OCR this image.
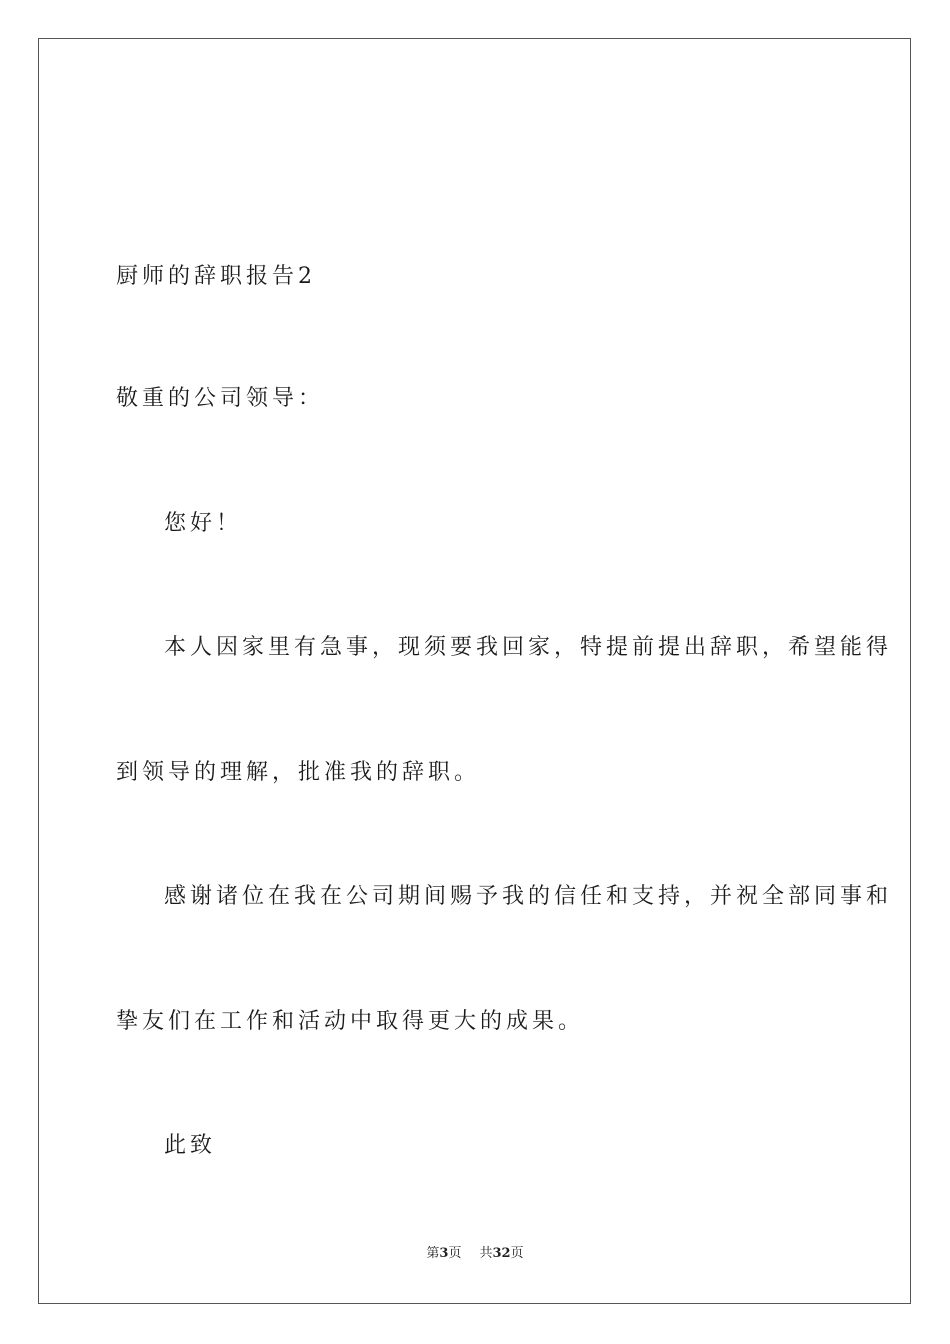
厨师的辞职报告2
敬重的公司领导：
您好！
本人因家里有急事，现须要我回家，特提前提出辞职，希望能得
到领导的理解，批准我的辞职。
感谢诸位在我在公司期间赐予我的信任和支持，并祝全部同事和
挚友们在工作和活动中取得更大的成果。
此致
第3页 共32页
